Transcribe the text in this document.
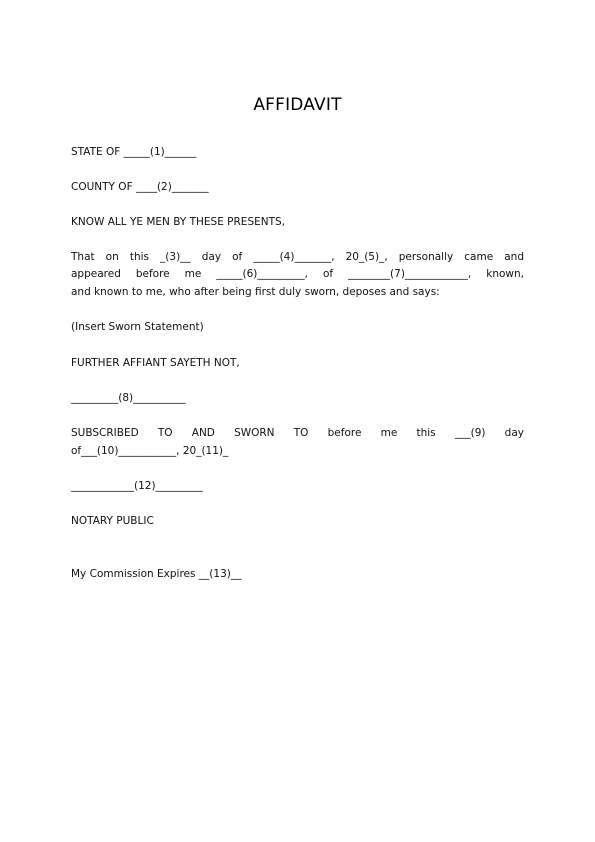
AFFIDAVIT
STATE OF _____(1)______
COUNTY OF ____(2)_______
KNOW ALL YE MEN BY THESE PRESENTS,
That on this _(3)__ day of _____(4)_______, 20_(5)_, personally came and
appeared before me _____(6)_________, of ________(7)____________, known,
and known to me, who after being first duly sworn, deposes and says:
(Insert Sworn Statement)
FURTHER AFFIANT SAYETH NOT,
_________(8)__________
SUBSCRIBED TO AND SWORN TO before me this ___(9) day
of___(10)___________, 20_(11)_
____________(12)_________
NOTARY PUBLIC
My Commission Expires __(13)__
